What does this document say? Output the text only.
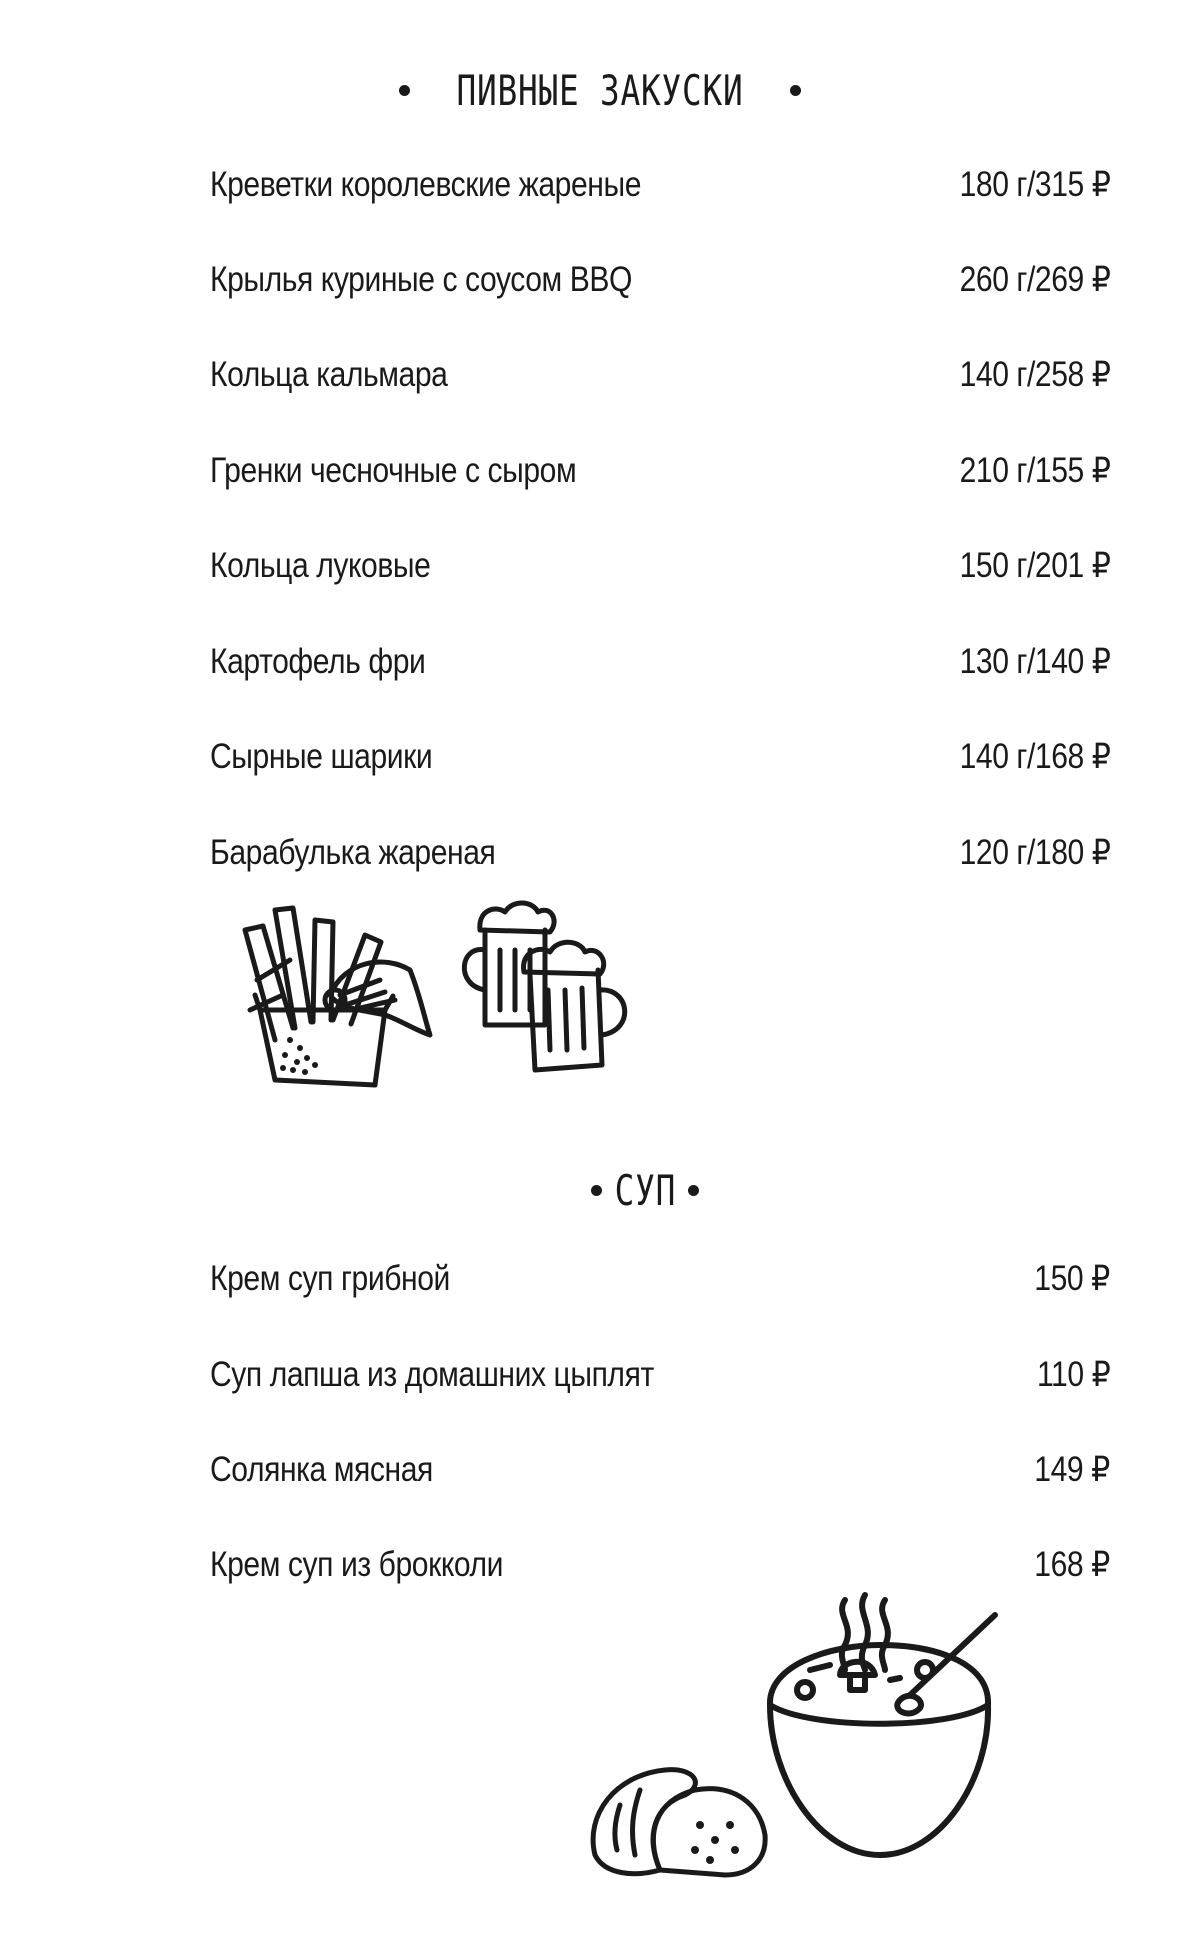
ПИВНЫЕ ЗАКУСКИ
Креветки королевские жареные	180 г/315 ₽
Крылья куриные с соусом BBQ	260 г/269 ₽
Кольца кальмара	140 г/258 ₽
Гренки чесночные с сыром	210 г/155 ₽
Кольца луковые	150 г/201 ₽
Картофель фри	130 г/140 ₽
Сырные шарики	140 г/168 ₽
Барабулька жареная	120 г/180 ₽
СУП
Крем суп грибной	150 ₽
Суп лапша из домашних цыплят	110 ₽
Солянка мясная	149 ₽
Крем суп из брокколи	168 ₽
